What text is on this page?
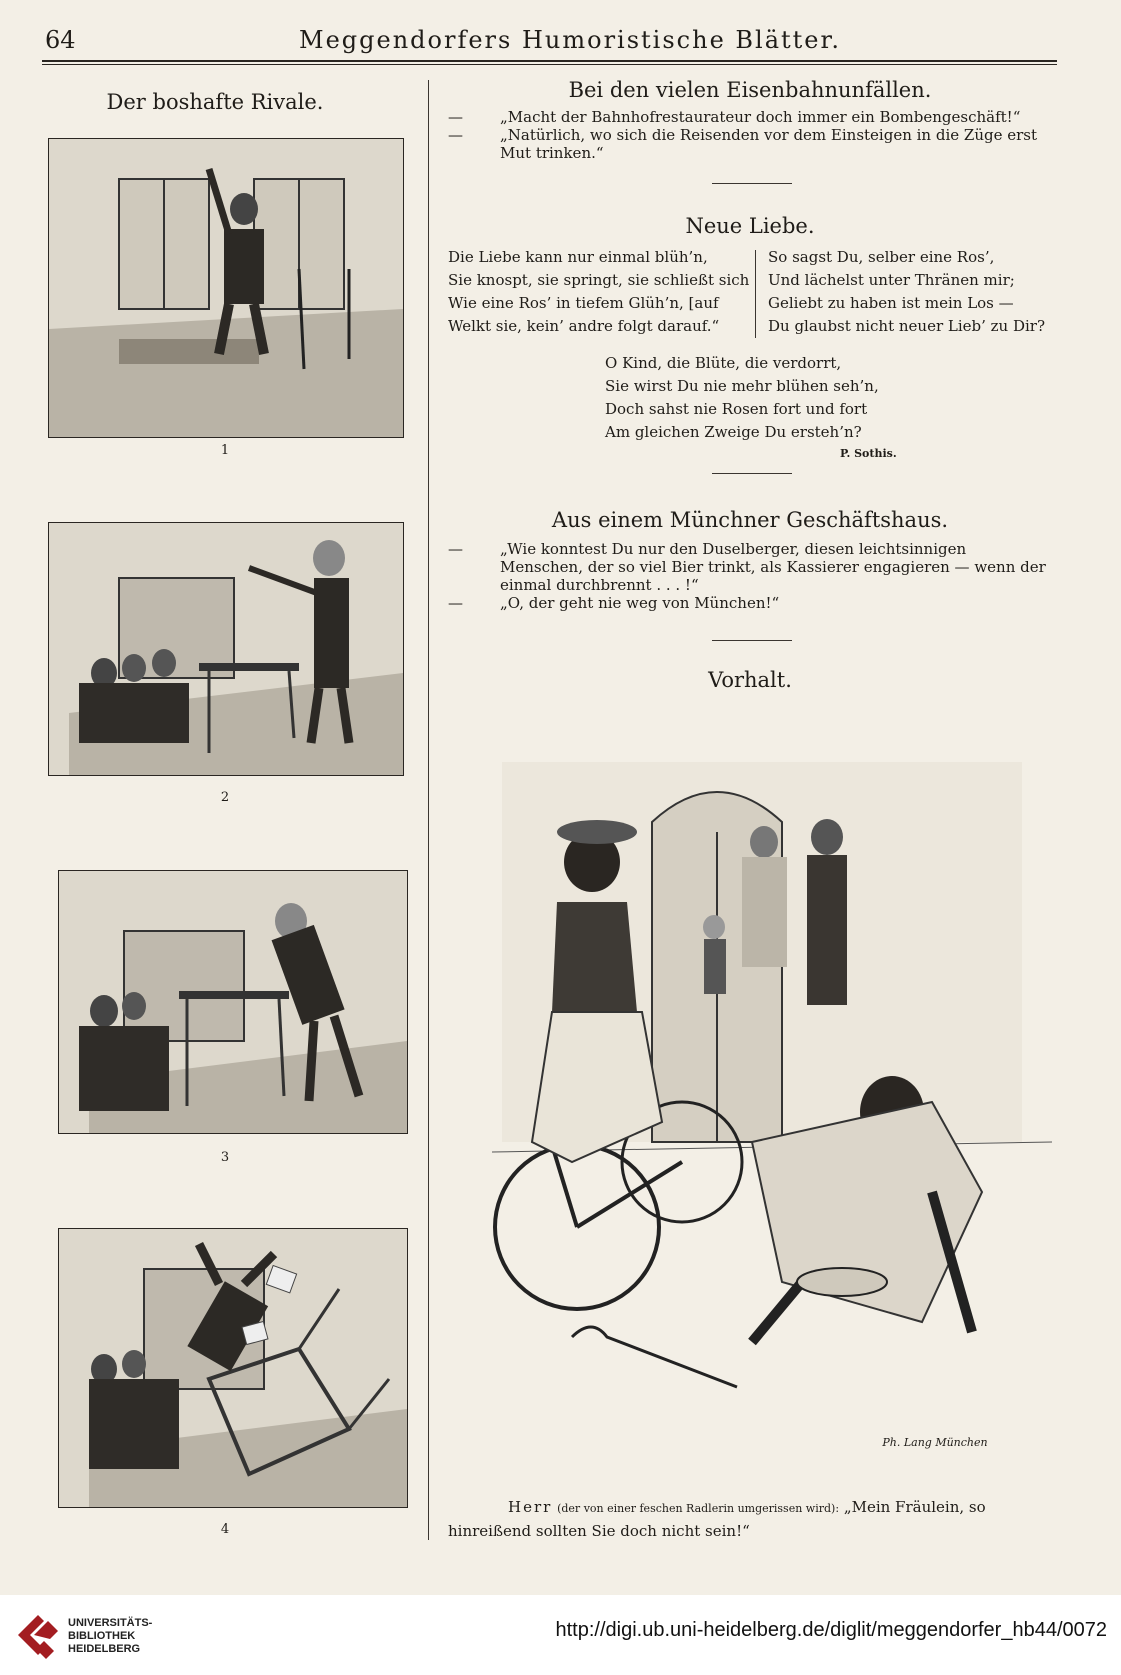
64	Meggendorfers Humoristische Blätter.
Der boshafte Rivale.
1
2
3
4
Bei den vielen Eisenbahnunfällen.

— „Macht der Bahnhofrestaurateur doch immer ein Bombengeschäft!“

— „Natürlich, wo sich die Reisenden vor dem Einsteigen in die Züge erst Mut trinken.“

Neue Liebe.
Die Liebe kann nur einmal blüh’n,
Sie knospt, sie springt, sie schließt sich
Wie eine Ros’ in tiefem Glüh’n, [auf
Welkt sie, kein’ andre folgt darauf.“
So sagst Du, selber eine Ros’,
Und lächelst unter Thränen mir;
Geliebt zu haben ist mein Los —
Du glaubst nicht neuer Lieb’ zu Dir?
O Kind, die Blüte, die verdorrt,
Sie wirst Du nie mehr blühen seh’n,
Doch sahst nie Rosen fort und fort
Am gleichen Zweige Du ersteh’n?
P. Sothis.
Aus einem Münchner Geschäftshaus.

— „Wie konntest Du nur den Duselberger, diesen leichtsinnigen Menschen, der so viel Bier trinkt, als Kassierer engagieren — wenn der einmal durchbrennt . . . !“

— „O, der geht nie weg von München!“

Vorhalt.
Ph. Lang München
Herr (der von einer feschen Radlerin umgerissen wird): „Mein Fräulein, so hinreißend sollten Sie doch nicht sein!“
UNIVERSITÄTS-
BIBLIOTHEK
HEIDELBERG
http://digi.ub.uni-heidelberg.de/diglit/meggendorfer_hb44/0072
